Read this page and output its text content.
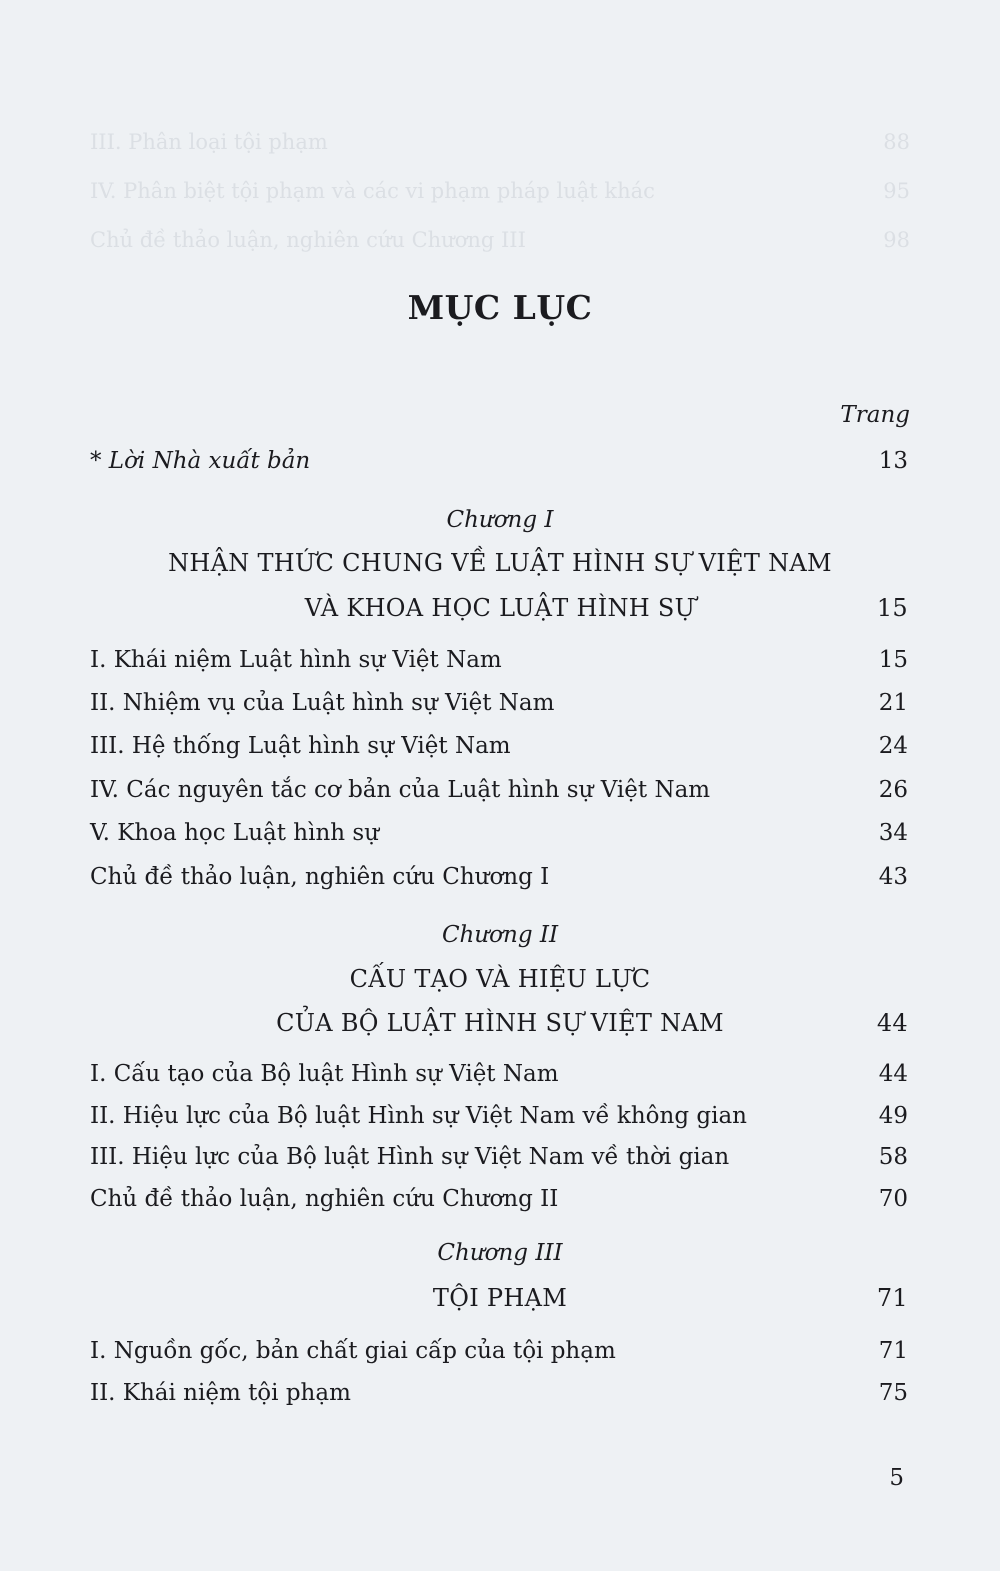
III. Phân loại tội phạm	88
IV. Phân biệt tội phạm và các vi phạm pháp luật khác	95
Chủ đề thảo luận, nghiên cứu Chương III	98
MỤC LỤC
Trang
* Lời Nhà xuất bản	13
Chương I
NHẬN THỨC CHUNG VỀ LUẬT HÌNH SỰ VIỆT NAM
VÀ KHOA HỌC LUẬT HÌNH SỰ	15
I. Khái niệm Luật hình sự Việt Nam	15
II. Nhiệm vụ của Luật hình sự Việt Nam	21
III. Hệ thống Luật hình sự Việt Nam	24
IV. Các nguyên tắc cơ bản của Luật hình sự Việt Nam	26
V. Khoa học Luật hình sự	34
Chủ đề thảo luận, nghiên cứu Chương I	43
Chương II
CẤU TẠO VÀ HIỆU LỰC
CỦA BỘ LUẬT HÌNH SỰ VIỆT NAM	44
I. Cấu tạo của Bộ luật Hình sự Việt Nam	44
II. Hiệu lực của Bộ luật Hình sự Việt Nam về không gian	49
III. Hiệu lực của Bộ luật Hình sự Việt Nam về thời gian	58
Chủ đề thảo luận, nghiên cứu Chương II	70
Chương III
TỘI PHẠM	71
I. Nguồn gốc, bản chất giai cấp của tội phạm	71
II. Khái niệm tội phạm	75
5
